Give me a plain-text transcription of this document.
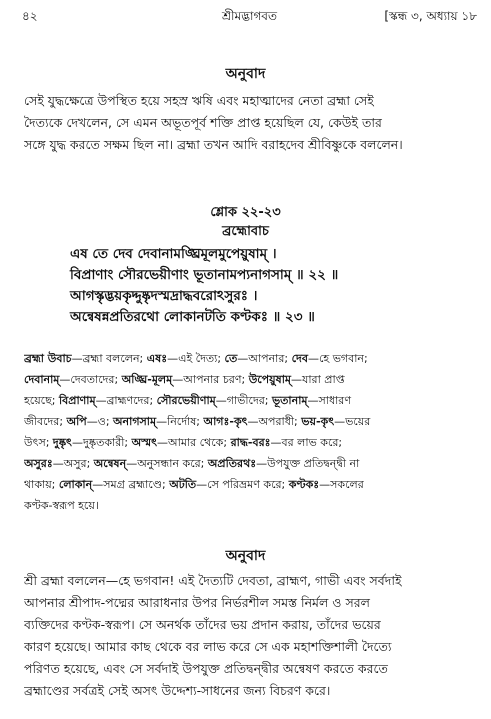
৪২	শ্রীমদ্ভাগবত	[স্কন্ধ ৩, অধ্যায় ১৮
অনুবাদ
সেই যুদ্ধক্ষেত্রে উপস্থিত হয়ে সহস্র ঋষি এবং মহাত্মাদের নেতা ব্রহ্মা সেই
দৈত্যকে দেখলেন, সে এমন অভূতপূর্ব শক্তি প্রাপ্ত হয়েছিল যে, কেউই তার
সঙ্গে যুদ্ধ করতে সক্ষম ছিল না। ব্রহ্মা তখন আদি বরাহদেব শ্রীবিষ্ণুকে বললেন।
শ্লোক ২২-২৩
ব্রহ্মোবাচ
এষ তে দেব দেবানামঙ্ঘ্রিমূলমুপেয়ুষাম্ ।
বিপ্রাণাং সৌরভেয়ীণাং ভূতানামপ্যনাগসাম্ ॥ ২২ ॥
আগস্কৃদ্ভয়কৃদ্দুষ্কৃদস্মদ্রাদ্ধবরোঽসুরঃ ।
অন্বেষন্নপ্রতিরথো লোকানটতি কণ্টকঃ ॥ ২৩ ॥
ব্রহ্মা উবাচ—ব্রহ্মা বললেন; এষঃ—এই দৈত্য; তে—আপনার; দেব—হে ভগবান;
দেবানাম্—দেবতাদের; অঙ্ঘ্রি-মূলম্—আপনার চরণ; উপেয়ুষাম্—যারা প্রাপ্ত
হয়েছে; বিপ্রাণাম্—ব্রাহ্মণদের; সৌরভেয়ীণাম্—গাভীদের; ভূতানাম্—সাধারণ
জীবদের; অপি—ও; অনাগসাম্—নির্দোষ; আগঃ-কৃৎ—অপরাধী; ভয়-কৃৎ—ভয়ের
উৎস; দুষ্কৃৎ—দুষ্কৃতকারী; অস্মৎ—আমার থেকে; রাদ্ধ-বরঃ—বর লাভ করে;
অসুরঃ—অসুর; অন্বেষন্—অনুসন্ধান করে; অপ্রতিরথঃ—উপযুক্ত প্রতিদ্বন্দ্বী না
থাকায়; লোকান্—সমগ্র ব্রহ্মাণ্ডে; অটতি—সে পরিভ্রমণ করে; কণ্টকঃ—সকলের
কণ্টক-স্বরূপ হয়ে।
অনুবাদ
শ্রী ব্রহ্মা বললেন—হে ভগবান! এই দৈত্যটি দেবতা, ব্রাহ্মণ, গাভী এবং সর্বদাই
আপনার শ্রীপাদ-পদ্মের আরাধনার উপর নির্ভরশীল সমস্ত নির্মল ও সরল
ব্যক্তিদের কণ্টক-স্বরূপ। সে অনর্থক তাঁদের ভয় প্রদান করায়, তাঁদের ভয়ের
কারণ হয়েছে। আমার কাছ থেকে বর লাভ করে সে এক মহাশক্তিশালী দৈত্যে
পরিণত হয়েছে, এবং সে সর্বদাই উপযুক্ত প্রতিদ্বন্দ্বীর অন্বেষণ করতে করতে
ব্রহ্মাণ্ডের সর্বত্রই সেই অসৎ উদ্দেশ্য-সাধনের জন্য বিচরণ করে।
